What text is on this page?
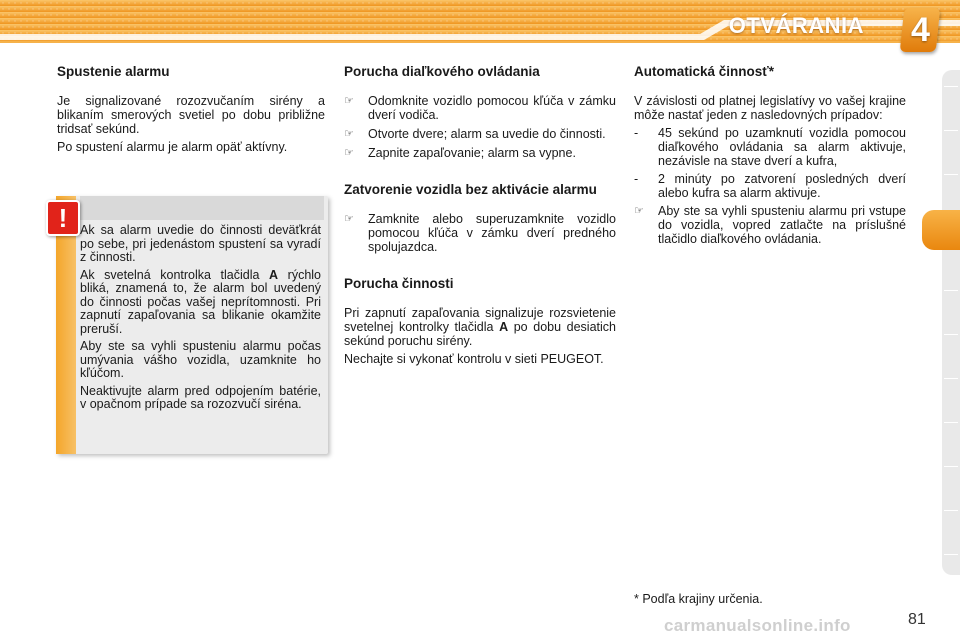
OTVÁRANIA	4
Spustenie alarmu

Je signalizované rozozvučaním sirény a blikaním smerových svetiel po dobu približne tridsať sekúnd.

Po spustení alarmu je alarm opäť aktívny.

!	Ak sa alarm uvedie do činnosti deväťkrát po sebe, pri jedenástom spustení sa vyradí z činnosti.

Ak svetelná kontrolka tlačidla A rýchlo bliká, znamená to, že alarm bol uvedený do činnosti počas vašej neprítomnosti. Pri zapnutí zapaľovania sa blikanie okamžite preruší.

Aby ste sa vyhli spusteniu alarmu počas umývania vášho vozidla, uzamknite ho kľúčom.

Neaktivujte alarm pred odpojením batérie, v opačnom prípade sa rozozvučí siréna.

Porucha diaľkového ovládania
☞ Odomknite vozidlo pomocou kľúča v zámku dverí vodiča.
☞ Otvorte dvere; alarm sa uvedie do činnosti.
☞ Zapnite zapaľovanie; alarm sa vypne.
Zatvorenie vozidla bez aktivácie alarmu
☞ Zamknite alebo superuzamknite vozidlo pomocou kľúča v zámku dverí predného spolujazdca.
Porucha činnosti

Pri zapnutí zapaľovania signalizuje rozsvietenie svetelnej kontrolky tlačidla A po dobu desiatich sekúnd poruchu sirény.

Nechajte si vykonať kontrolu v sieti PEUGEOT.

Automatická činnosť*

V závislosti od platnej legislatívy vo vašej krajine môže nastať jeden z nasledovných prípadov:

- 45 sekúnd po uzamknutí vozidla pomocou diaľkového ovládania sa alarm aktivuje, nezávisle na stave dverí a kufra,
- 2 minúty po zatvorení posledných dverí alebo kufra sa alarm aktivuje.
☞ Aby ste sa vyhli spusteniu alarmu pri vstupe do vozidla, vopred zatlačte na príslušné tlačidlo diaľkového ovládania.
* Podľa krajiny určenia.
carmanualsonline.info	81
